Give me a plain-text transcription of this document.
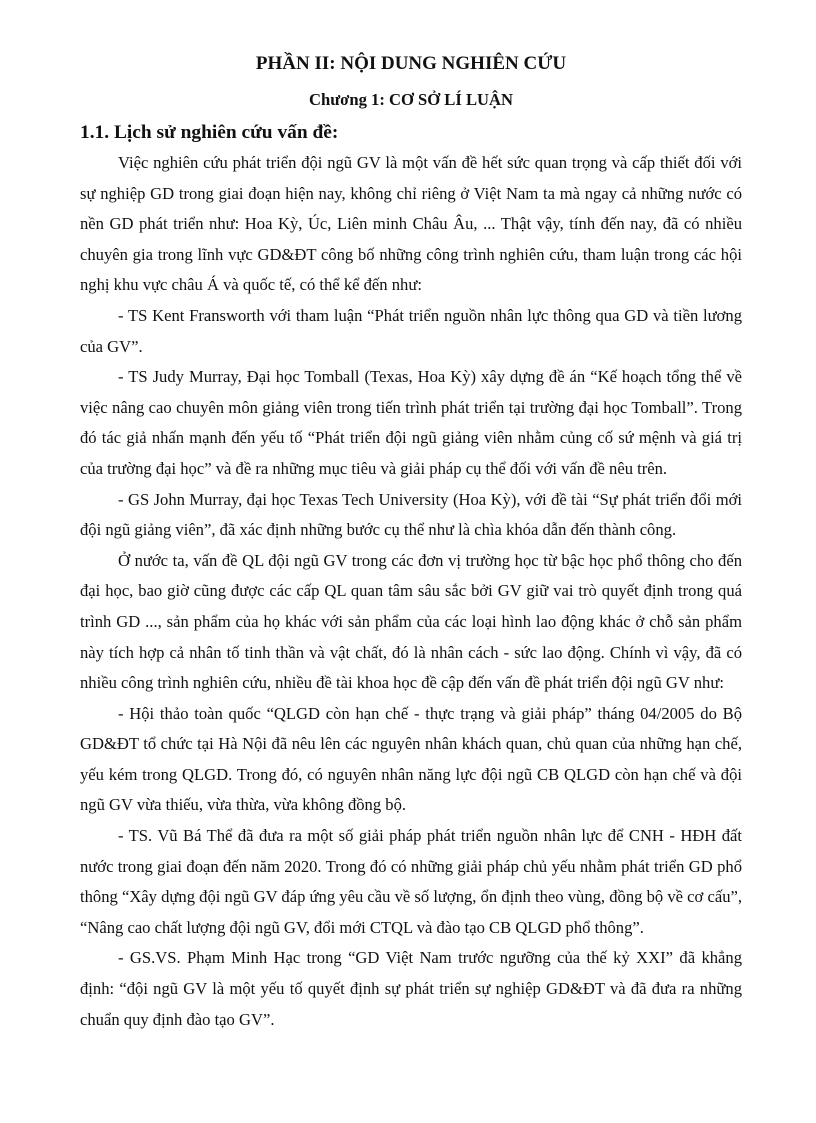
PHẦN II: NỘI DUNG NGHIÊN CỨU
Chương 1: CƠ SỞ LÍ LUẬN
1.1. Lịch sử nghiên cứu vấn đề:

Việc nghiên cứu phát triển đội ngũ GV là một vấn đề hết sức quan trọng và cấp thiết đối với sự nghiệp GD trong giai đoạn hiện nay, không chỉ riêng ở Việt Nam ta mà ngay cả những nước có nền GD phát triển như: Hoa Kỳ, Úc, Liên minh Châu Âu, ... Thật vậy, tính đến nay, đã có nhiều chuyên gia trong lĩnh vực GD&ĐT công bố những công trình nghiên cứu, tham luận trong các hội nghị khu vực châu Á và quốc tế, có thể kể đến như:

- TS Kent Fransworth với tham luận “Phát triển nguồn nhân lực thông qua GD và tiền lương của GV”.

- TS Judy Murray, Đại học Tomball (Texas, Hoa Kỳ) xây dựng đề án “Kế hoạch tổng thể về việc nâng cao chuyên môn giảng viên trong tiến trình phát triển tại trường đại học Tomball”. Trong đó tác giả nhấn mạnh đến yếu tố “Phát triển đội ngũ giảng viên nhằm củng cố sứ mệnh và giá trị của trường đại học” và đề ra những mục tiêu và giải pháp cụ thể đối với vấn đề nêu trên.

- GS John Murray, đại học Texas Tech University (Hoa Kỳ), với đề tài “Sự phát triển đổi mới đội ngũ giảng viên”, đã xác định những bước cụ thể như là chìa khóa dẫn đến thành công.

Ở nước ta, vấn đề QL đội ngũ GV trong các đơn vị trường học từ bậc học phổ thông cho đến đại học, bao giờ cũng được các cấp QL quan tâm sâu sắc bởi GV giữ vai trò quyết định trong quá trình GD ..., sản phẩm của họ khác với sản phẩm của các loại hình lao động khác ở chỗ sản phẩm này tích hợp cả nhân tố tinh thần và vật chất, đó là nhân cách - sức lao động. Chính vì vậy, đã có nhiều công trình nghiên cứu, nhiều đề tài khoa học đề cập đến vấn đề phát triển đội ngũ GV như:

- Hội thảo toàn quốc “QLGD còn hạn chế - thực trạng và giải pháp” tháng 04/2005 do Bộ GD&ĐT tổ chức tại Hà Nội đã nêu lên các nguyên nhân khách quan, chủ quan của những hạn chế, yếu kém trong QLGD. Trong đó, có nguyên nhân năng lực đội ngũ CB QLGD còn hạn chế và đội ngũ GV vừa thiếu, vừa thừa, vừa không đồng bộ.

- TS. Vũ Bá Thể đã đưa ra một số giải pháp phát triển nguồn nhân lực để CNH - HĐH đất nước trong giai đoạn đến năm 2020. Trong đó có những giải pháp chủ yếu nhằm phát triển GD phổ thông “Xây dựng đội ngũ GV đáp ứng yêu cầu về số lượng, ổn định theo vùng, đồng bộ về cơ cấu”, “Nâng cao chất lượng đội ngũ GV, đổi mới CTQL và đào tạo CB QLGD phổ thông”.

- GS.VS. Phạm Minh Hạc trong “GD Việt Nam trước ngưỡng của thế kỷ XXI” đã khẳng định: “đội ngũ GV là một yếu tố quyết định sự phát triển sự nghiệp GD&ĐT và đã đưa ra những chuẩn quy định đào tạo GV”.
